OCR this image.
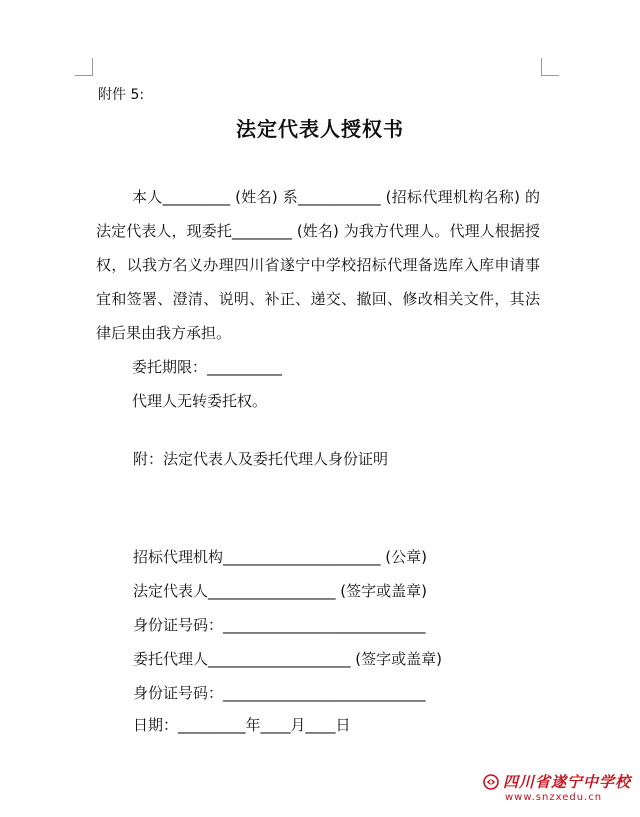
附件 5:
法定代表人授权书

本人_________ (姓名) 系___________ (招标代理机构名称) 的法定代表人，现委托________ (姓名) 为我方代理人。代理人根据授权，以我方名义办理四川省遂宁中学校招标代理备选库入库申请事宜和签署、澄清、说明、补正、递交、撤回、修改相关文件，其法律后果由我方承担。

委托期限：__________

代理人无转委托权。

附：法定代表人及委托代理人身份证明
招标代理机构_____________________ (公章)
法定代表人_________________ (签字或盖章)
身份证号码：___________________________
委托代理人___________________ (签字或盖章)
身份证号码：___________________________
日期：_________年____月____日
四川省遂宁中学校
www.snzxedu.cn
